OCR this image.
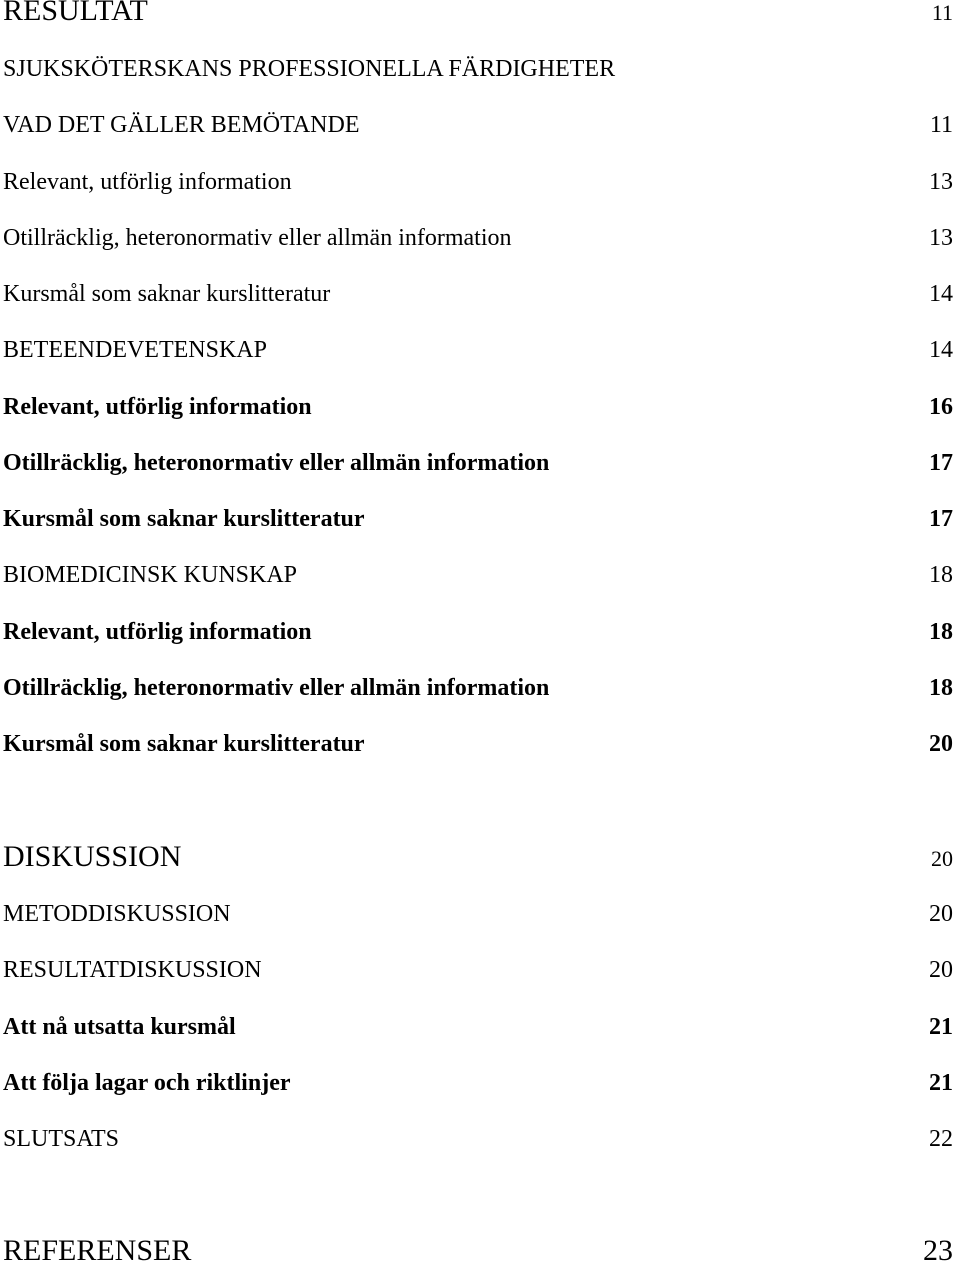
RESULTAT	11
SJUKSKÖTERSKANS PROFESSIONELLA FÄRDIGHETER
VAD DET GÄLLER BEMÖTANDE	11
Relevant, utförlig information	13
Otillräcklig, heteronormativ eller allmän information	13
Kursmål som saknar kurslitteratur	14
BETEENDEVETENSKAP	14
Relevant, utförlig information	16
Otillräcklig, heteronormativ eller allmän information	17
Kursmål som saknar kurslitteratur	17
BIOMEDICINSK KUNSKAP	18
Relevant, utförlig information	18
Otillräcklig, heteronormativ eller allmän information	18
Kursmål som saknar kurslitteratur	20
DISKUSSION	20
METODDISKUSSION	20
RESULTATDISKUSSION	20
Att nå utsatta kursmål	21
Att följa lagar och riktlinjer	21
SLUTSATS	22
REFERENSER	23
